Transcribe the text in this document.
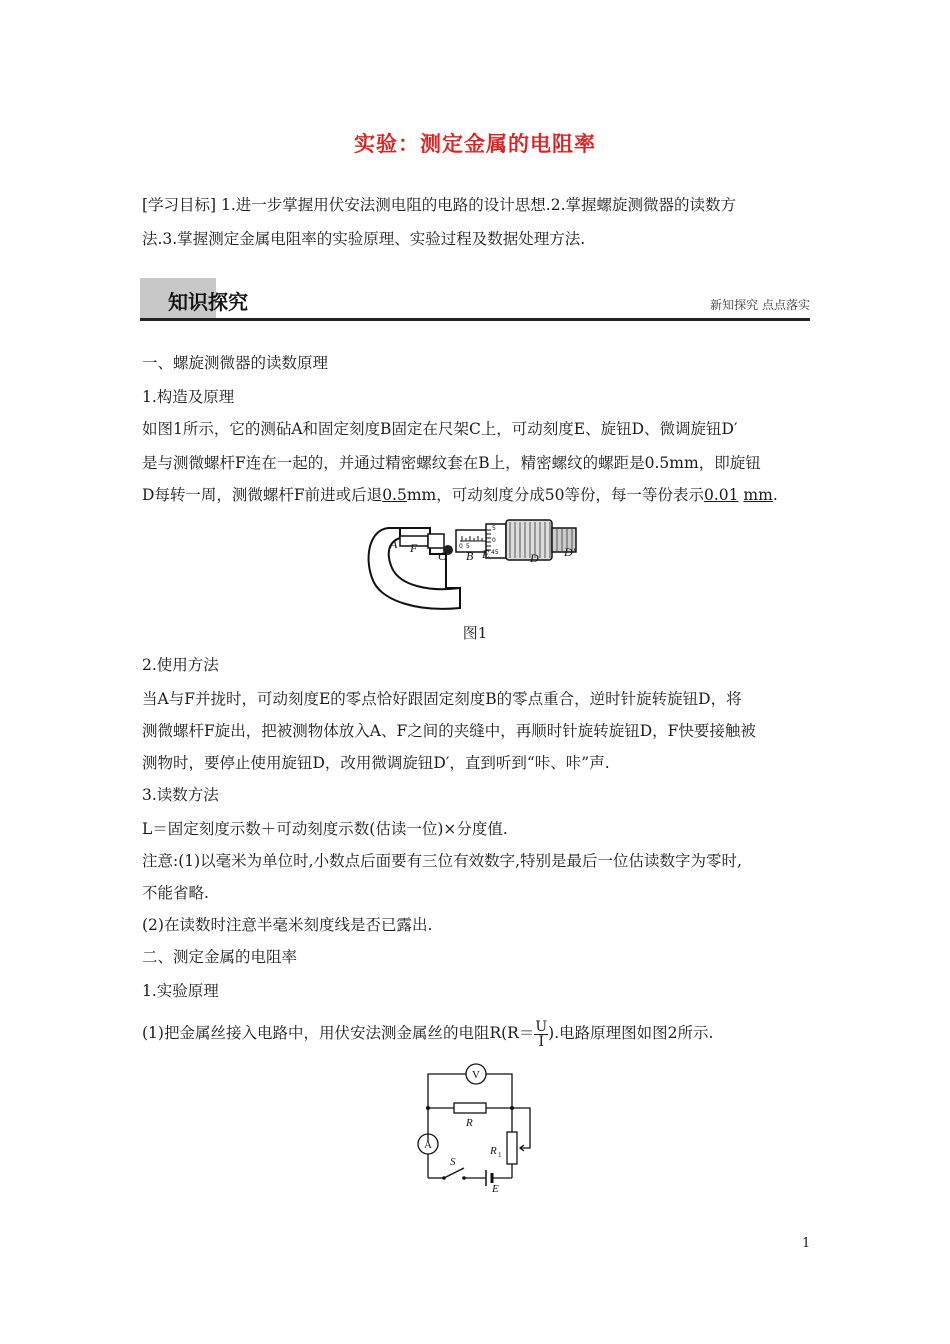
实验：测定金属的电阻率
[学习目标] 1.进一步掌握用伏安法测电阻的电路的设计思想.2.掌握螺旋测微器的读数方
法.3.掌握测定金属电阻率的实验原理、实验过程及数据处理方法.
知识探究	新知探究 点点落实
一、螺旋测微器的读数原理
1.构造及原理
如图1所示，它的测砧A和固定刻度B固定在尺架C上，可动刻度E、旋钮D、微调旋钮D′
是与测微螺杆F连在一起的，并通过精密螺纹套在B上，精密螺纹的螺距是0.5mm，即旋钮
D每转一周，测微螺杆F前进或后退0.5mm，可动刻度分成50等份，每一等份表示0.01 mm.
A F
C B E	D D′
0 5
5
0
45
图1
2.使用方法
当A与F并拢时，可动刻度E的零点恰好跟固定刻度B的零点重合，逆时针旋转旋钮D，将
测微螺杆F旋出，把被测物体放入A、F之间的夹缝中，再顺时针旋转旋钮D，F快要接触被
测物时，要停止使用旋钮D，改用微调旋钮D′，直到听到“咔、咔”声.
3.读数方法
L＝固定刻度示数＋可动刻度示数(估读一位)×分度值.
注意:(1)以毫米为单位时,小数点后面要有三位有效数字,特别是最后一位估读数字为零时,
不能省略.
(2)在读数时注意半毫米刻度线是否已露出.
二、测定金属的电阻率
1.实验原理
(1)把金属丝接入电路中，用伏安法测金属丝的电阻$R(R= \frac{U}{I}$ ).电路原理图如图2所示.
V
A
R
R 1
S
E
1
